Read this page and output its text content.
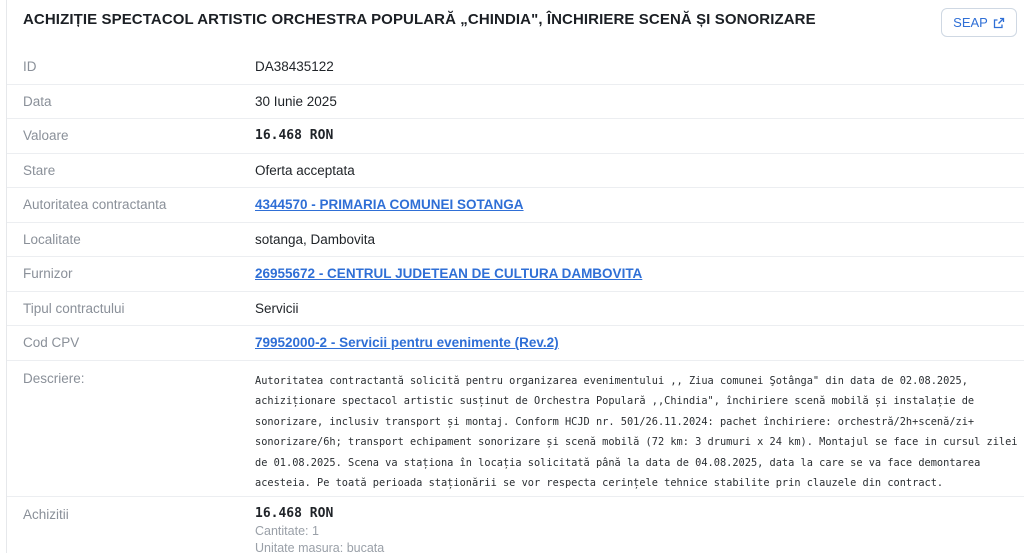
ACHIZIȚIE SPECTACOL ARTISTIC ORCHESTRA POPULARĂ „CHINDIA", ÎNCHIRIERE SCENĂ ȘI SONORIZARE	SEAP
ID	DA38435122
Data	30 Iunie 2025
Valoare	16.468 RON
Stare	Oferta acceptata
Autoritatea contractanta	4344570 - PRIMARIA COMUNEI SOTANGA
Localitate	sotanga, Dambovita
Furnizor	26955672 - CENTRUL JUDETEAN DE CULTURA DAMBOVITA
Tipul contractului	Servicii
Cod CPV	79952000-2 - Servicii pentru evenimente (Rev.2)
Descriere:	Autoritatea contractantă solicită pentru organizarea evenimentului ,, Ziua comunei Şotânga" din data de 02.08.2025, achiziționare spectacol artistic susținut de Orchestra Populară ,,Chindia", închiriere scenă mobilă și instalație de sonorizare, inclusiv transport și montaj. Conform HCJD nr. 501/26.11.2024: pachet închiriere: orchestră/2h+scenă/zi+ sonorizare/6h; transport echipament sonorizare și scenă mobilă (72 km: 3 drumuri x 24 km). Montajul se face in cursul zilei de 01.08.2025. Scena va staționa în locația solicitată până la data de 04.08.2025, data la care se va face demontarea acesteia. Pe toată perioada staționării se vor respecta cerințele tehnice stabilite prin clauzele din contract.
Achizitii	16.468 RON
Cantitate: 1
Unitate masura: bucata
